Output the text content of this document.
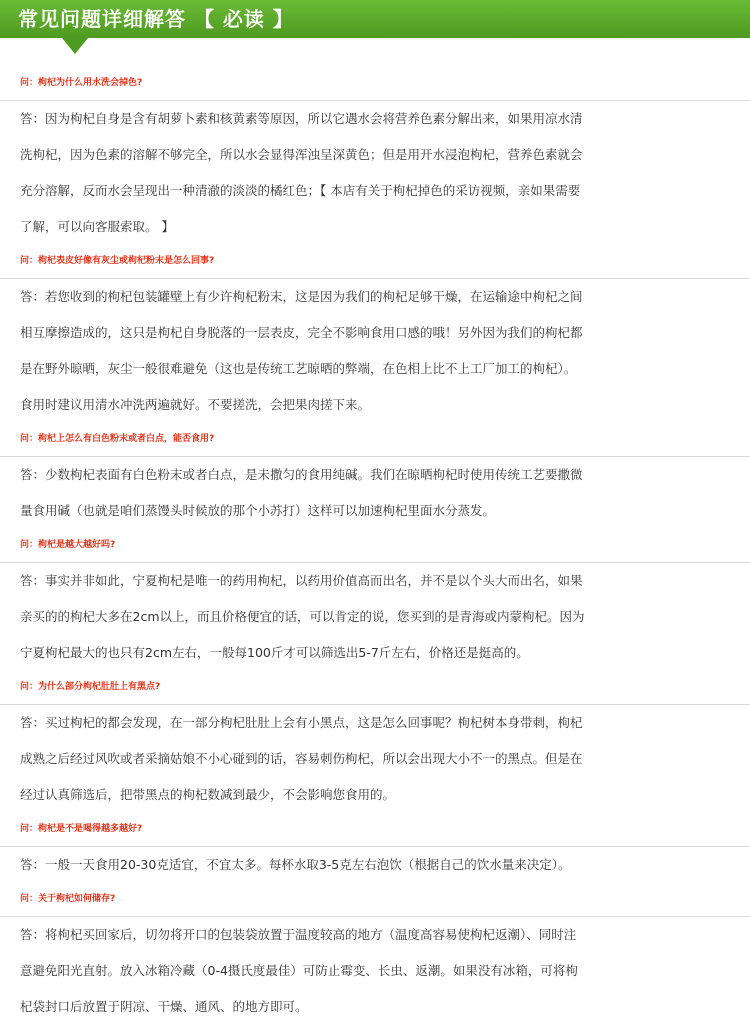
常见问题详细解答 【 必读 】
问：枸杞为什么用水洗会掉色?
答：因为枸杞自身是含有胡萝卜素和核黄素等原因，所以它遇水会将营养色素分解出来，如果用凉水清
洗枸杞，因为色素的溶解不够完全，所以水会显得浑浊呈深黄色；但是用开水浸泡枸杞，营养色素就会
充分溶解，反而水会呈现出一种清澈的淡淡的橘红色；【 本店有关于枸杞掉色的采访视频，亲如果需要
了解，可以向客服索取。 】
问：枸杞表皮好像有灰尘或枸杞粉末是怎么回事?
答：若您收到的枸杞包装罐壁上有少许枸杞粉末，这是因为我们的枸杞足够干燥，在运输途中枸杞之间
相互摩擦造成的，这只是枸杞自身脱落的一层表皮，完全不影响食用口感的哦！另外因为我们的枸杞都
是在野外晾晒，灰尘一般很难避免（这也是传统工艺晾晒的弊端，在色相上比不上工厂加工的枸杞）。
食用时建议用清水冲洗两遍就好。不要搓洗，会把果肉搓下来。
问：枸杞上怎么有白色粉末或者白点，能否食用?
答：少数枸杞表面有白色粉末或者白点，是未撒匀的食用纯碱。我们在晾晒枸杞时使用传统工艺要撒微
量食用碱（也就是咱们蒸馒头时候放的那个小苏打）这样可以加速枸杞里面水分蒸发。
问：枸杞是越大越好吗?
答：事实并非如此，宁夏枸杞是唯一的药用枸杞，以药用价值高而出名，并不是以个头大而出名，如果
亲买的的枸杞大多在2cm以上，而且价格便宜的话，可以肯定的说，您买到的是青海或内蒙枸杞。因为
宁夏枸杞最大的也只有2cm左右，一般每100斤才可以筛选出5-7斤左右，价格还是挺高的。
问：为什么部分枸杞肚肚上有黑点?
答：买过枸杞的都会发现，在一部分枸杞肚肚上会有小黑点，这是怎么回事呢？枸杞树本身带刺，枸杞
成熟之后经过风吹或者采摘姑娘不小心碰到的话，容易刺伤枸杞，所以会出现大小不一的黑点。但是在
经过认真筛选后，把带黑点的枸杞数减到最少，不会影响您食用的。
问：枸杞是不是喝得越多越好?
答：一般一天食用20-30克适宜，不宜太多。每杯水取3-5克左右泡饮（根据自己的饮水量来决定）。
问：关于枸杞如何储存?
答：将枸杞买回家后，切勿将开口的包装袋放置于温度较高的地方（温度高容易使枸杞返潮）、同时注
意避免阳光直射。放入冰箱冷藏（0-4摄氏度最佳）可防止霉变、长虫、返潮。如果没有冰箱，可将枸
杞袋封口后放置于阴凉、干燥、通风、的地方即可。
